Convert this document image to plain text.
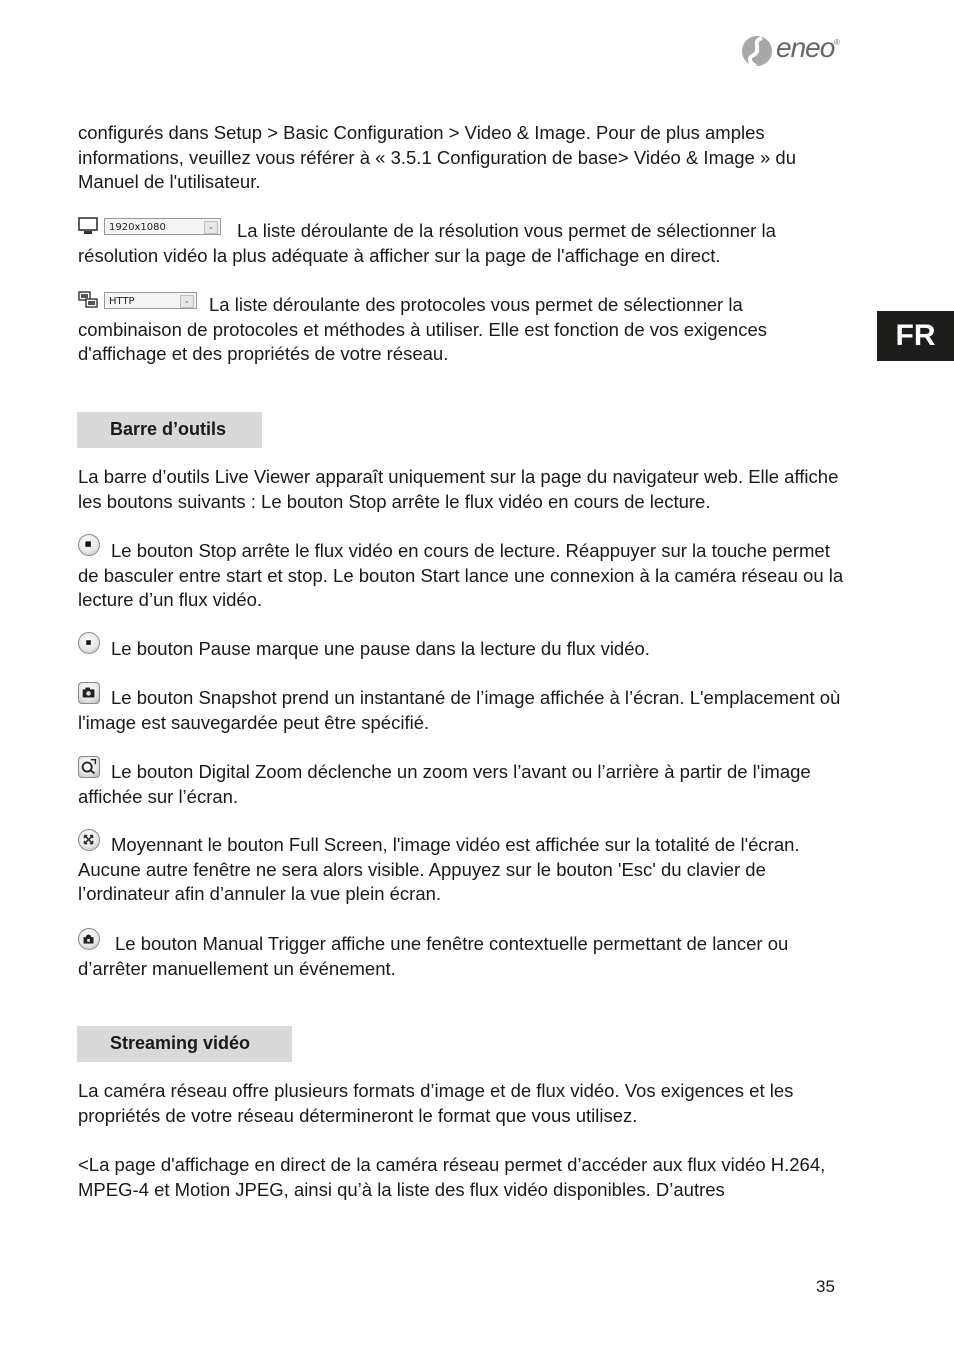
eneo ®
FR

configurés dans Setup > Basic Configuration > Video & Image. Pour de plus amples informations, veuillez vous référer à « 3.5.1 Configuration de base> Vidéo & Image » du Manuel de l'utilisateur.

1920x1080	⌄	La liste déroulante de la résolution vous permet de sélectionner la résolution vidéo la plus adéquate à afficher sur la page de l'affichage en direct.

HTTP	⌄	La liste déroulante des protocoles vous permet de sélectionner la combinaison de protocoles et méthodes à utiliser. Elle est fonction de vos exigences d'affichage et des propriétés de votre réseau.

Barre d’outils

La barre d’outils Live Viewer apparaît uniquement sur la page du navigateur web. Elle affiche les boutons suivants : Le bouton Stop arrête le flux vidéo en cours de lecture.

Le bouton Stop arrête le flux vidéo en cours de lecture. Réappuyer sur la touche permet de basculer entre start et stop. Le bouton Start lance une connexion à la caméra réseau ou la lecture d’un flux vidéo.

Le bouton Pause marque une pause dans la lecture du flux vidéo.

Le bouton Snapshot prend un instantané de l’image affichée à l’écran. L'emplacement où l'image est sauvegardée peut être spécifié.

Le bouton Digital Zoom déclenche un zoom vers l’avant ou l’arrière à partir de l'image affichée sur l’écran.

Moyennant le bouton Full Screen, l'image vidéo est affichée sur la totalité de l'écran. Aucune autre fenêtre ne sera alors visible. Appuyez sur le bouton 'Esc' du clavier de l’ordinateur afin d’annuler la vue plein écran.

Le bouton Manual Trigger affiche une fenêtre contextuelle permettant de lancer ou d’arrêter manuellement un événement.

Streaming vidéo

La caméra réseau offre plusieurs formats d’image et de flux vidéo. Vos exigences et les propriétés de votre réseau détermineront le format que vous utilisez.

<La page d'affichage en direct de la caméra réseau permet d’accéder aux flux vidéo H.264, MPEG-4 et Motion JPEG, ainsi qu’à la liste des flux vidéo disponibles. D’autres

35
